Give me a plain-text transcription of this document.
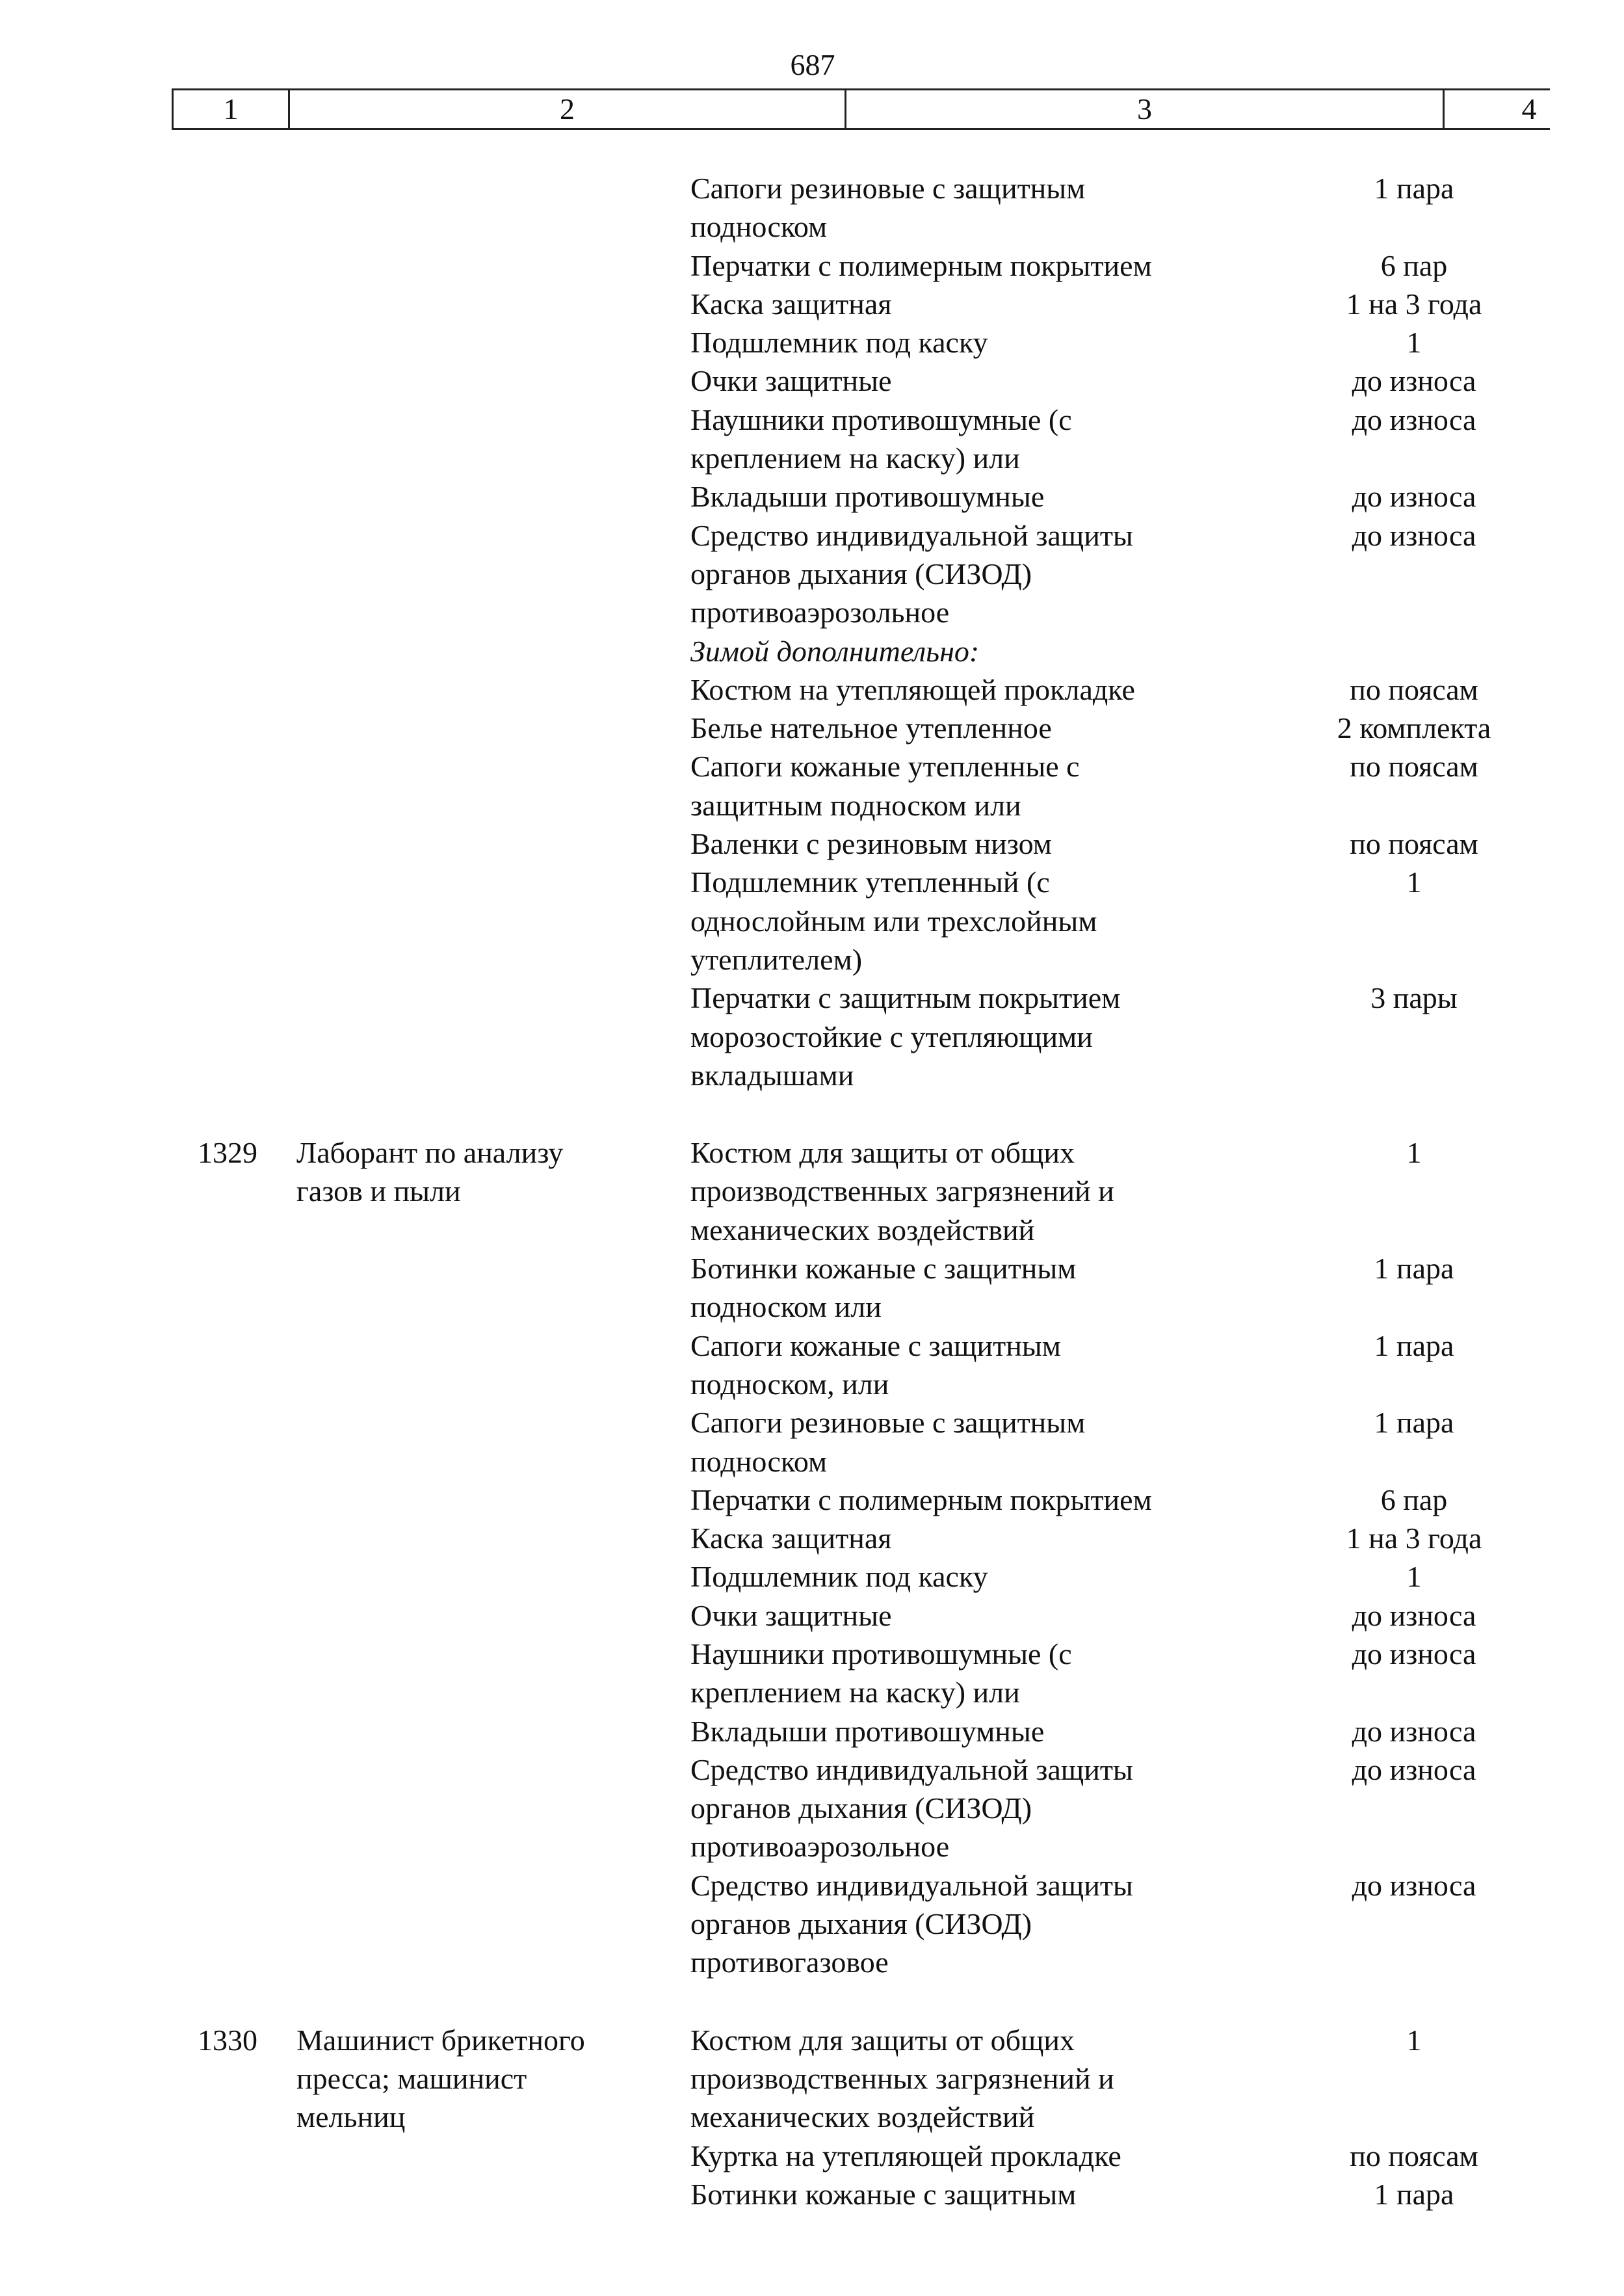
687
1	2	3	4
Сапоги резиновые с защитным	1 пара
подноском
Перчатки с полимерным покрытием	6 пар
Каска защитная	1 на 3 года
Подшлемник под каску	1
Очки защитные	до износа
Наушники противошумные (с	до износа
креплением на каску) или
Вкладыши противошумные	до износа
Средство индивидуальной защиты	до износа
органов дыхания (СИЗОД)
противоаэрозольное
Зимой дополнительно:
Костюм на утепляющей прокладке	по поясам
Белье нательное утепленное	2 комплекта
Сапоги кожаные утепленные с	по поясам
защитным подноском или
Валенки с резиновым низом	по поясам
Подшлемник утепленный (с	1
однослойным или трехслойным
утеплителем)
Перчатки с защитным покрытием	3 пары
морозостойкие с утепляющими
вкладышами
1329	Лаборант по анализу	Костюм для защиты от общих	1
газов и пыли	производственных загрязнений и
механических воздействий
Ботинки кожаные с защитным	1 пара
подноском или
Сапоги кожаные с защитным	1 пара
подноском, или
Сапоги резиновые с защитным	1 пара
подноском
Перчатки с полимерным покрытием	6 пар
Каска защитная	1 на 3 года
Подшлемник под каску	1
Очки защитные	до износа
Наушники противошумные (с	до износа
креплением на каску) или
Вкладыши противошумные	до износа
Средство индивидуальной защиты	до износа
органов дыхания (СИЗОД)
противоаэрозольное
Средство индивидуальной защиты	до износа
органов дыхания (СИЗОД)
противогазовое
1330	Машинист брикетного	Костюм для защиты от общих	1
пресса; машинист	производственных загрязнений и
мельниц	механических воздействий
Куртка на утепляющей прокладке	по поясам
Ботинки кожаные с защитным	1 пара
